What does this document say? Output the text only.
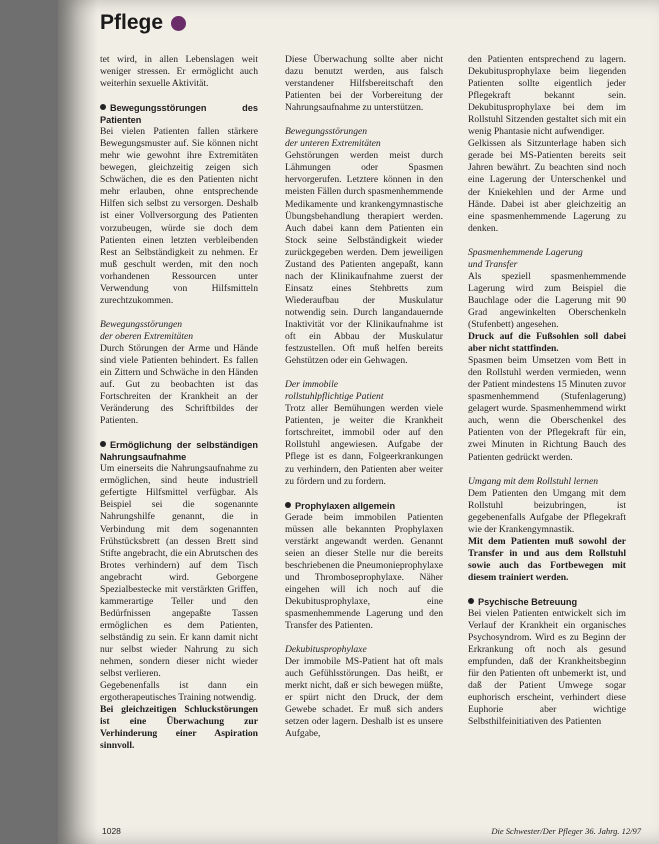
Pflege

tet wird, in allen Lebenslagen weit weniger stressen. Er ermöglicht auch weiterhin sexuelle Aktivität.

Bewegungsstörungen des Patienten

Bei vielen Patienten fallen stärkere Bewegungsmuster auf. Sie können nicht mehr wie gewohnt ihre Extremitäten bewegen, gleichzeitig zeigen sich Schwächen, die es den Patienten nicht mehr erlauben, ohne entsprechende Hilfen sich selbst zu versorgen. Deshalb ist einer Vollversorgung des Patienten vorzubeugen, würde sie doch dem Patienten einen letzten verbleibenden Rest an Selbständigkeit zu nehmen. Er muß geschult werden, mit den noch vorhandenen Ressourcen unter Verwendung von Hilfsmitteln zurechtzukommen.

Bewegungsstörungen

der oberen Extremitäten

Durch Störungen der Arme und Hände sind viele Patienten behindert. Es fallen ein Zittern und Schwäche in den Händen auf. Gut zu beobachten ist das Fortschreiten der Krankheit an der Veränderung des Schriftbildes der Patienten.

Ermöglichung der selbständigen Nahrungsaufnahme

Um einerseits die Nahrungsaufnahme zu ermöglichen, sind heute industriell gefertigte Hilfsmittel verfügbar. Als Beispiel sei die sogenannte Nahrungshilfe genannt, die in Verbindung mit dem sogenannten Frühstücksbrett (an dessen Brett sind Stifte angebracht, die ein Abrutschen des Brotes verhindern) auf dem Tisch angebracht wird. Geborgene Spezialbestecke mit verstärkten Griffen, kammerartige Teller und den Bedürfnissen angepaßte Tassen ermöglichen es dem Patienten, selbständig zu sein. Er kann damit nicht nur selbst wieder Nahrung zu sich nehmen, sondern dieser nicht wieder selbst verlieren.

Gegebenenfalls ist dann ein ergotherapeutisches Training notwendig.

Bei gleichzeitigen Schluckstörungen ist eine Überwachung zur Verhinderung einer Aspiration sinnvoll.

Diese Überwachung sollte aber nicht dazu benutzt werden, aus falsch verstandener Hilfsbereitschaft den Patienten bei der Vorbereitung der Nahrungsaufnahme zu unterstützen.

Bewegungsstörungen

der unteren Extremitäten

Gehstörungen werden meist durch Lähmungen oder Spasmen hervorgerufen. Letztere können in den meisten Fällen durch spasmenhemmende Medikamente und krankengymnastische Übungsbehandlung therapiert werden. Auch dabei kann dem Patienten ein Stock seine Selbständigkeit wieder zurückgegeben werden. Dem jeweiligen Zustand des Patienten angepaßt, kann nach der Klinikaufnahme zuerst der Einsatz eines Stehbretts zum Wiederaufbau der Muskulatur notwendig sein. Durch langandauernde Inaktivität vor der Klinikaufnahme ist oft ein Abbau der Muskulatur festzustellen. Oft muß helfen bereits Gehstützen oder ein Gehwagen.

Der immobile

rollstuhlpflichtige Patient

Trotz aller Bemühungen werden viele Patienten, je weiter die Krankheit fortschreitet, immobil oder auf den Rollstuhl angewiesen. Aufgabe der Pflege ist es dann, Folgeerkrankungen zu verhindern, den Patienten aber weiter zu fördern und zu fordern.

Prophylaxen allgemein

Gerade beim immobilen Patienten müssen alle bekannten Prophylaxen verstärkt angewandt werden. Genannt seien an dieser Stelle nur die bereits beschriebenen die Pneumonieprophylaxe und Thromboseprophylaxe. Näher eingehen will ich noch auf die Dekubitusprophylaxe, eine spasmenhemmende Lagerung und den Transfer des Patienten.

Dekubitusprophylaxe

Der immobile MS-Patient hat oft mals auch Gefühlsstörungen. Das heißt, er merkt nicht, daß er sich bewegen müßte, er spürt nicht den Druck, der dem Gewebe schadet. Er muß sich anders setzen oder lagern. Deshalb ist es unsere Aufgabe,

den Patienten entsprechend zu lagern. Dekubitusprophylaxe beim liegenden Patienten sollte eigentlich jeder Pflegekraft bekannt sein. Dekubitusprophylaxe bei dem im Rollstuhl Sitzenden gestaltet sich mit ein wenig Phantasie nicht aufwendiger.

Gelkissen als Sitzunterlage haben sich gerade bei MS-Patienten bereits seit Jahren bewährt. Zu beachten sind noch eine Lagerung der Unterschenkel und der Kniekehlen und der Arme und Hände. Dabei ist aber gleichzeitig an eine spasmenhemmende Lagerung zu denken.

Spasmenhemmende Lagerung

und Transfer

Als speziell spasmenhemmende Lagerung wird zum Beispiel die Bauchlage oder die Lagerung mit 90 Grad angewinkelten Oberschenkeln (Stufenbett) angesehen.

Druck auf die Fußsohlen soll dabei aber nicht stattfinden.

Spasmen beim Umsetzen vom Bett in den Rollstuhl werden vermieden, wenn der Patient mindestens 15 Minuten zuvor spasmenhemmend (Stufenlagerung) gelagert wurde. Spasmenhemmend wirkt auch, wenn die Oberschenkel des Patienten von der Pflegekraft für ein, zwei Minuten in Richtung Bauch des Patienten gedrückt werden.

Umgang mit dem Rollstuhl lernen

Dem Patienten den Umgang mit dem Rollstuhl beizubringen, ist gegebenenfalls Aufgabe der Pflegekraft wie der Krankengymnastik.

Mit dem Patienten muß sowohl der Transfer in und aus dem Rollstuhl sowie auch das Fortbewegen mit diesem trainiert werden.

Psychische Betreuung

Bei vielen Patienten entwickelt sich im Verlauf der Krankheit ein organisches Psychosyndrom. Wird es zu Beginn der Erkrankung oft noch als gesund empfunden, daß der Krankheitsbeginn für den Patienten oft unbemerkt ist, und daß der Patient Umwege sogar euphorisch erscheint, verhindert diese Euphorie aber wichtige Selbsthilfeinitiativen des Patienten

1028	Die Schwester/Der Pfleger 36. Jahrg. 12/97
